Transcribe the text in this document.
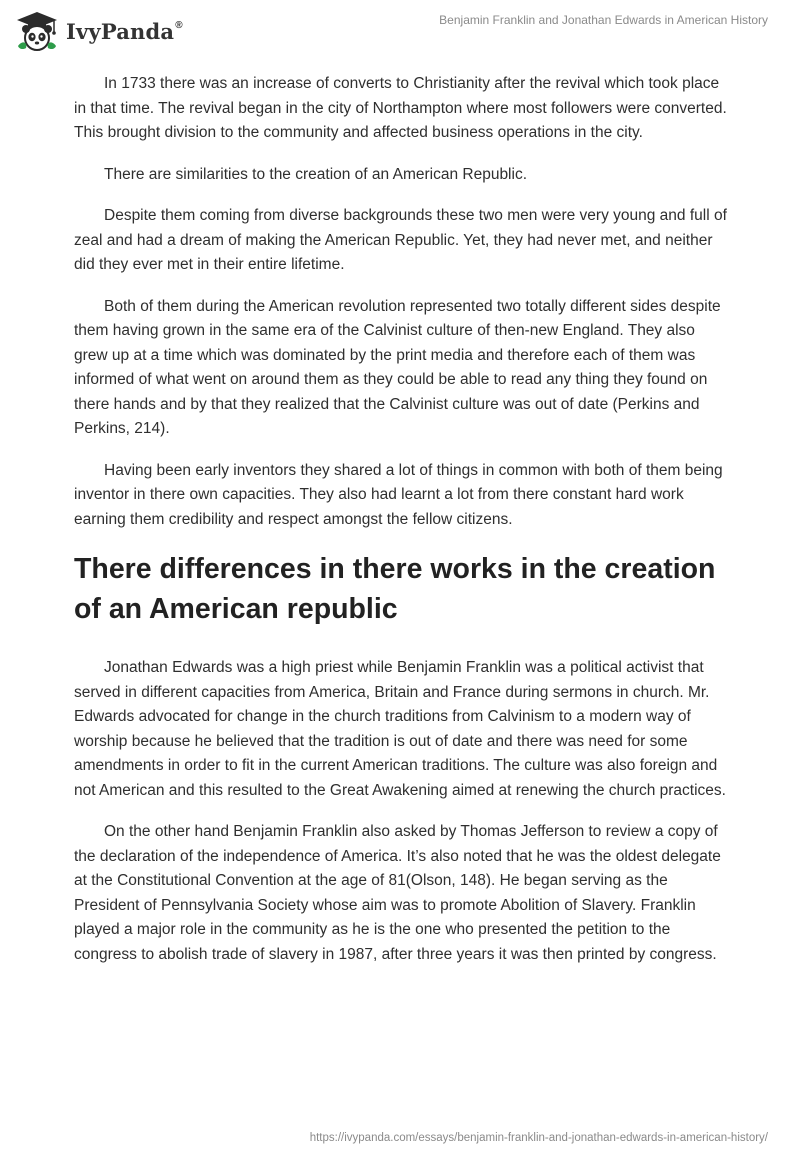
IvyPanda®	Benjamin Franklin and Jonathan Edwards in American History

In 1733 there was an increase of converts to Christianity after the revival which took place in that time. The revival began in the city of Northampton where most followers were converted. This brought division to the community and affected business operations in the city.

There are similarities to the creation of an American Republic.

Despite them coming from diverse backgrounds these two men were very young and full of zeal and had a dream of making the American Republic. Yet, they had never met, and neither did they ever met in their entire lifetime.

Both of them during the American revolution represented two totally different sides despite them having grown in the same era of the Calvinist culture of then-new England. They also grew up at a time which was dominated by the print media and therefore each of them was informed of what went on around them as they could be able to read any thing they found on there hands and by that they realized that the Calvinist culture was out of date (Perkins and Perkins, 214).

Having been early inventors they shared a lot of things in common with both of them being inventor in there own capacities. They also had learnt a lot from there constant hard work earning them credibility and respect amongst the fellow citizens.

There differences in there works in the creation of an American republic

Jonathan Edwards was a high priest while Benjamin Franklin was a political activist that served in different capacities from America, Britain and France during sermons in church. Mr. Edwards advocated for change in the church traditions from Calvinism to a modern way of worship because he believed that the tradition is out of date and there was need for some amendments in order to fit in the current American traditions. The culture was also foreign and not American and this resulted to the Great Awakening aimed at renewing the church practices.

On the other hand Benjamin Franklin also asked by Thomas Jefferson to review a copy of the declaration of the independence of America. It’s also noted that he was the oldest delegate at the Constitutional Convention at the age of 81(Olson, 148). He began serving as the President of Pennsylvania Society whose aim was to promote Abolition of Slavery. Franklin played a major role in the community as he is the one who presented the petition to the congress to abolish trade of slavery in 1987, after three years it was then printed by congress.

https://ivypanda.com/essays/benjamin-franklin-and-jonathan-edwards-in-american-history/
